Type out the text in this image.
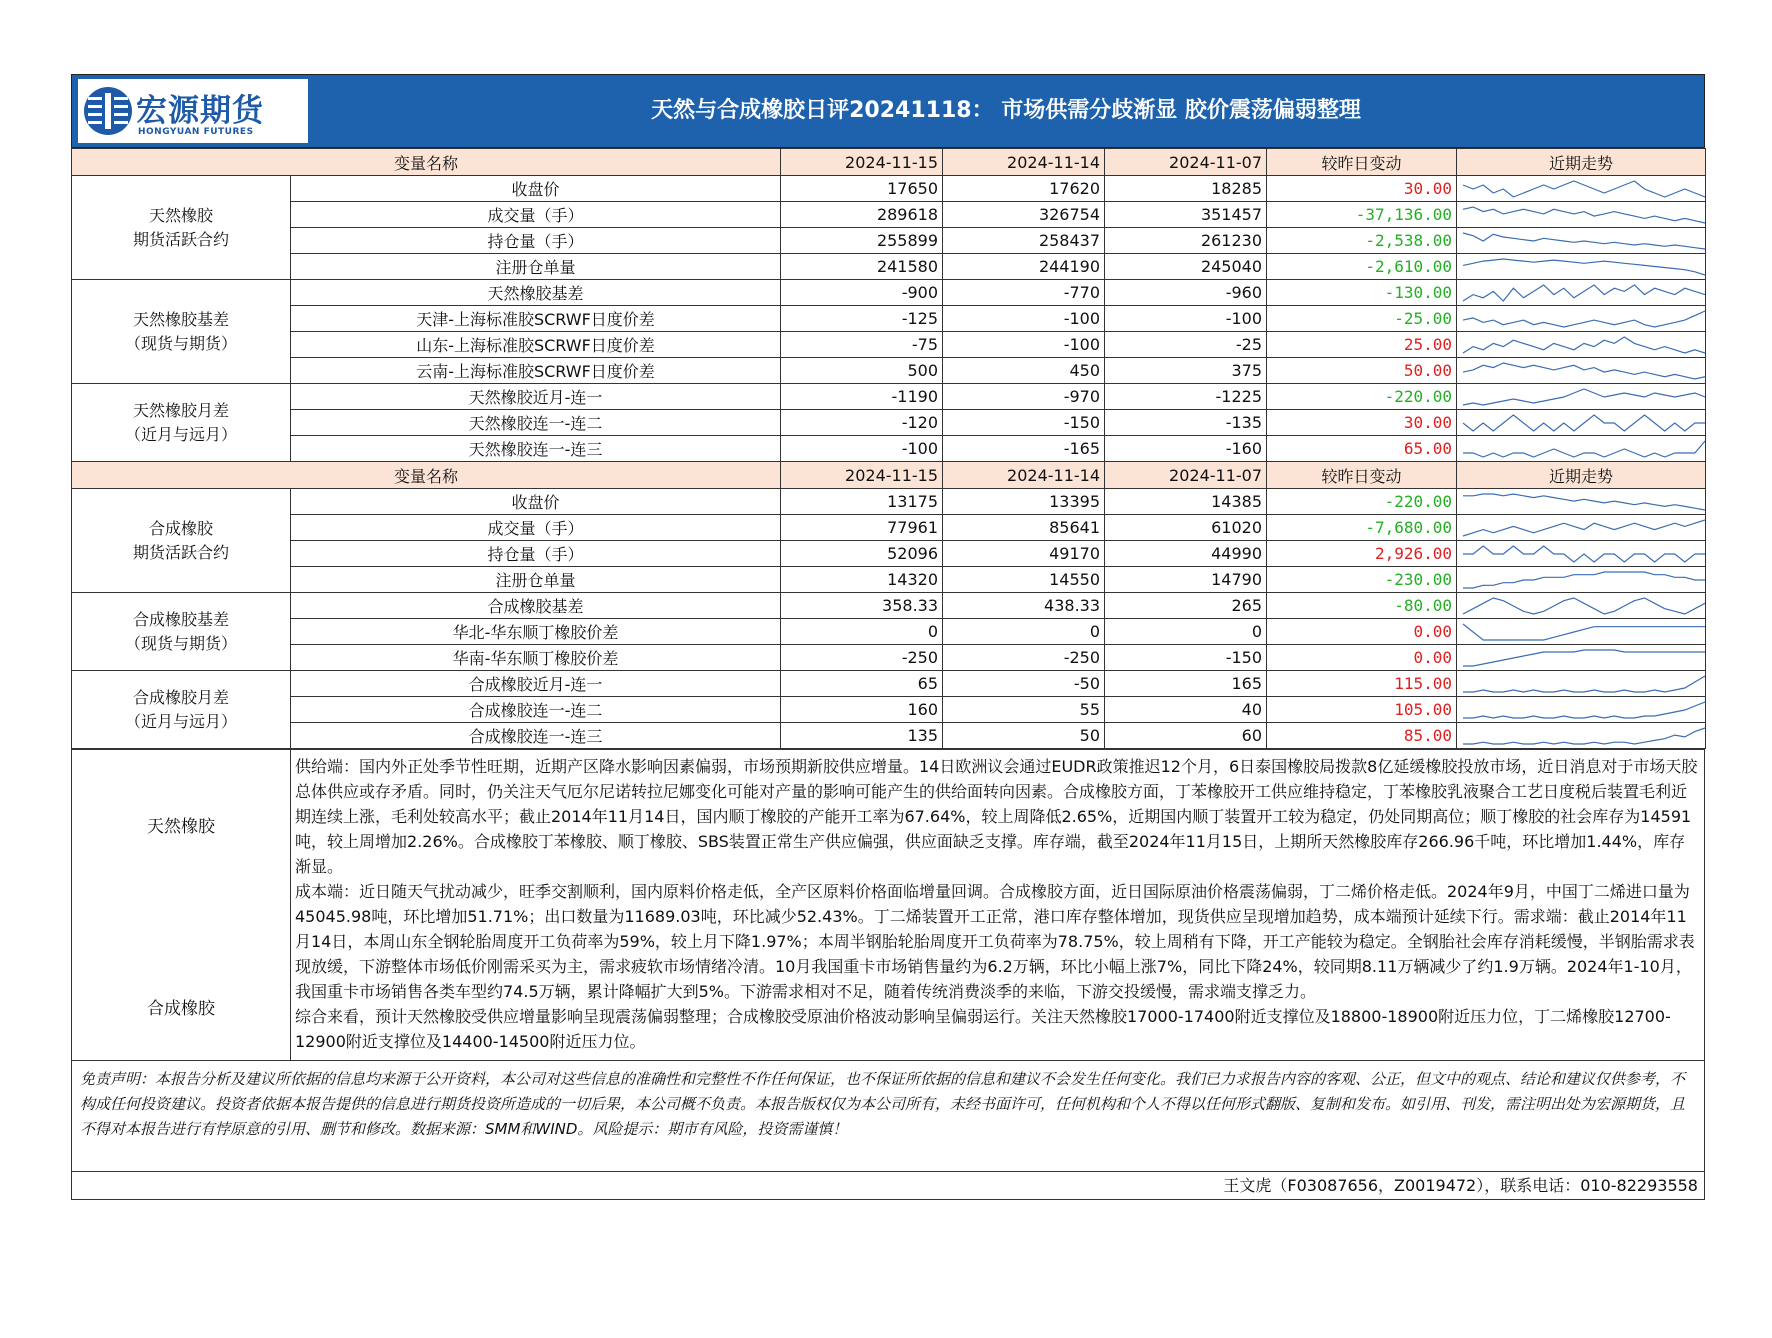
宏源期货
HONGYUAN FUTURES
天然与合成橡胶日评20241118： 市场供需分歧渐显 胶价震荡偏弱整理
变量名称		2024-11-15	2024-11-14	2024-11-07	较昨日变动	近期走势

天然橡胶
期货活跃合约	收盘价	17650	17620	18285	30.00	

	成交量（手）	289618	326754	351457	-37,136.00	

	持仓量（手）	255899	258437	261230	-2,538.00	

	注册仓单量	241580	244190	245040	-2,610.00	

天然橡胶基差
（现货与期货）	天然橡胶基差	-900	-770	-960	-130.00	

	天津-上海标准胶SCRWF日度价差	-125	-100	-100	-25.00	

	山东-上海标准胶SCRWF日度价差	-75	-100	-25	25.00	

	云南-上海标准胶SCRWF日度价差	500	450	375	50.00	

天然橡胶月差
（近月与远月）	天然橡胶近月-连一	-1190	-970	-1225	-220.00	

	天然橡胶连一-连二	-120	-150	-135	30.00	

	天然橡胶连一-连三	-100	-165	-160	65.00	

变量名称		2024-11-15	2024-11-14	2024-11-07	较昨日变动	近期走势

合成橡胶
期货活跃合约	收盘价	13175	13395	14385	-220.00	

	成交量（手）	77961	85641	61020	-7,680.00	

	持仓量（手）	52096	49170	44990	2,926.00	

	注册仓单量	14320	14550	14790	-230.00	

合成橡胶基差
（现货与期货）	合成橡胶基差	358.33	438.33	265	-80.00	

	华北-华东顺丁橡胶价差	0	0	0	0.00	

	华南-华东顺丁橡胶价差	-250	-250	-150	0.00	

合成橡胶月差
（近月与远月）	合成橡胶近月-连一	65	-50	165	115.00	

	合成橡胶连一-连二	160	55	40	105.00	

	合成橡胶连一-连三	135	50	60	85.00	
天然橡胶
合成橡胶

供给端：国内外正处季节性旺期，近期产区降水影响因素偏弱，市场预期新胶供应增量。14日欧洲议会通过EUDR政策推迟12个月，6日泰国橡胶局拨款8亿延缓橡胶投放市场，近日消息对于市场天胶总体供应或存矛盾。同时，仍关注天气厄尔尼诺转拉尼娜变化可能对产量的影响可能产生的供给面转向因素。合成橡胶方面，丁苯橡胶开工供应维持稳定，丁苯橡胶乳液聚合工艺日度税后装置毛利近期连续上涨，毛利处较高水平；截止2014年11月14日，国内顺丁橡胶的产能开工率为67.64%，较上周降低2.65%，近期国内顺丁装置开工较为稳定，仍处同期高位；顺丁橡胶的社会库存为14591吨，较上周增加2.26%。合成橡胶丁苯橡胶、顺丁橡胶、SBS装置正常生产供应偏强，供应面缺乏支撑。库存端，截至2024年11月15日，上期所天然橡胶库存266.96千吨，环比增加1.44%，库存渐显。

成本端：近日随天气扰动减少，旺季交割顺利，国内原料价格走低，全产区原料价格面临增量回调。合成橡胶方面，近日国际原油价格震荡偏弱，丁二烯价格走低。2024年9月，中国丁二烯进口量为45045.98吨，环比增加51.71%；出口数量为11689.03吨，环比减少52.43%。丁二烯装置开工正常，港口库存整体增加，现货供应呈现增加趋势，成本端预计延续下行。需求端：截止2014年11月14日，本周山东全钢轮胎周度开工负荷率为59%，较上月下降1.97%；本周半钢胎轮胎周度开工负荷率为78.75%，较上周稍有下降，开工产能较为稳定。全钢胎社会库存消耗缓慢，半钢胎需求表现放缓，下游整体市场低价刚需采买为主，需求疲软市场情绪冷清。10月我国重卡市场销售量约为6.2万辆，环比小幅上涨7%，同比下降24%，较同期8.11万辆减少了约1.9万辆。2024年1-10月，我国重卡市场销售各类车型约74.5万辆，累计降幅扩大到5%。下游需求相对不足，随着传统消费淡季的来临，下游交投缓慢，需求端支撑乏力。

综合来看，预计天然橡胶受供应增量影响呈现震荡偏弱整理；合成橡胶受原油价格波动影响呈偏弱运行。关注天然橡胶17000-17400附近支撑位及18800-18900附近压力位，丁二烯橡胶12700-12900附近支撑位及14400-14500附近压力位。

免责声明：本报告分析及建议所依据的信息均来源于公开资料，本公司对这些信息的准确性和完整性不作任何保证，也不保证所依据的信息和建议不会发生任何变化。我们已力求报告内容的客观、公正，但文中的观点、结论和建议仅供参考，不构成任何投资建议。投资者依据本报告提供的信息进行期货投资所造成的一切后果，本公司概不负责。本报告版权仅为本公司所有，未经书面许可，任何机构和个人不得以任何形式翻版、复制和发布。如引用、刊发，需注明出处为宏源期货，且不得对本报告进行有悖原意的引用、删节和修改。数据来源：SMM和WIND。风险提示：期市有风险，投资需谨慎！
王文虎（F03087656，Z0019472），联系电话：010-82293558
